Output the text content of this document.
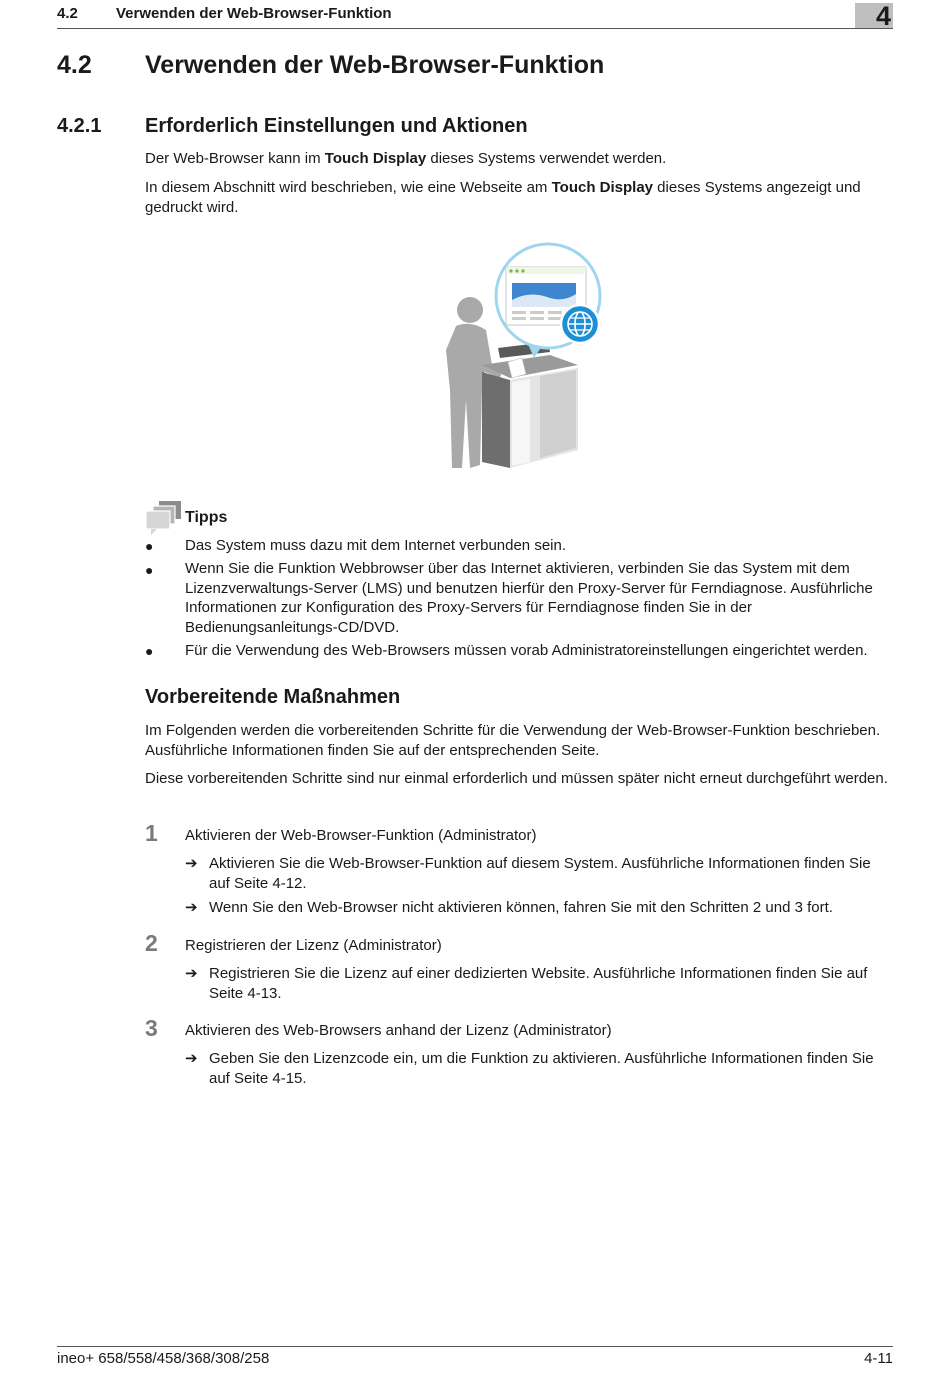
4.2	Verwenden der Web-Browser-Funktion	4
4.2 Verwenden der Web-Browser-Funktion
4.2.1 Erforderlich Einstellungen und Aktionen
Der Web-Browser kann im Touch Display dieses Systems verwendet werden.
In diesem Abschnitt wird beschrieben, wie eine Webseite am Touch Display dieses Systems angezeigt und gedruckt wird.
Tipps
● Das System muss dazu mit dem Internet verbunden sein.
● Wenn Sie die Funktion Webbrowser über das Internet aktivieren, verbinden Sie das System mit dem Lizenzverwaltungs-Server (LMS) und benutzen hierfür den Proxy-Server für Ferndiagnose. Ausführliche Informationen zur Konfiguration des Proxy-Servers für Ferndiagnose finden Sie in der Bedienungsanleitungs-CD/DVD.
● Für die Verwendung des Web-Browsers müssen vorab Administratoreinstellungen eingerichtet werden.
Vorbereitende Maßnahmen
Im Folgenden werden die vorbereitenden Schritte für die Verwendung der Web-Browser-Funktion beschrieben. Ausführliche Informationen finden Sie auf der entsprechenden Seite.
Diese vorbereitenden Schritte sind nur einmal erforderlich und müssen später nicht erneut durchgeführt werden.
1 Aktivieren der Web-Browser-Funktion (Administrator)
➔ Aktivieren Sie die Web-Browser-Funktion auf diesem System. Ausführliche Informationen finden Sie auf Seite 4-12.
➔ Wenn Sie den Web-Browser nicht aktivieren können, fahren Sie mit den Schritten 2 und 3 fort.
2 Registrieren der Lizenz (Administrator)
➔ Registrieren Sie die Lizenz auf einer dedizierten Website. Ausführliche Informationen finden Sie auf Seite 4-13.
3 Aktivieren des Web-Browsers anhand der Lizenz (Administrator)
➔ Geben Sie den Lizenzcode ein, um die Funktion zu aktivieren. Ausführliche Informationen finden Sie auf Seite 4-15.
ineo+ 658/558/458/368/308/258	4-11
